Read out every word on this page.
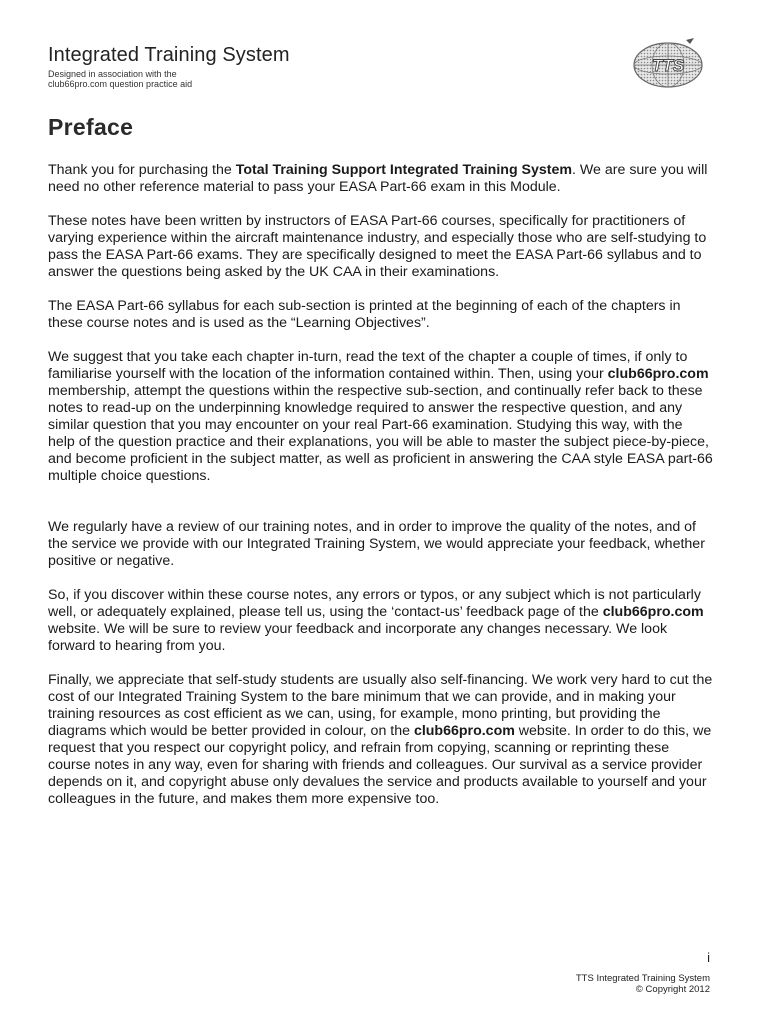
Integrated Training System
Designed in association with the
club66pro.com question practice aid
TTS
Preface

Thank you for purchasing the Total Training Support Integrated Training System. We are sure you will need no other reference material to pass your EASA Part-66 exam in this Module.

These notes have been written by instructors of EASA Part-66 courses, specifically for practitioners of varying experience within the aircraft maintenance industry, and especially those who are self-studying to pass the EASA Part-66 exams. They are specifically designed to meet the EASA Part-66 syllabus and to answer the questions being asked by the UK CAA in their examinations.

The EASA Part-66 syllabus for each sub-section is printed at the beginning of each of the chapters in these course notes and is used as the “Learning Objectives”.

We suggest that you take each chapter in-turn, read the text of the chapter a couple of times, if only to familiarise yourself with the location of the information contained within. Then, using your club66pro.com membership, attempt the questions within the respective sub-section, and continually refer back to these notes to read-up on the underpinning knowledge required to answer the respective question, and any similar question that you may encounter on your real Part-66 examination. Studying this way, with the help of the question practice and their explanations, you will be able to master the subject piece-by-piece, and become proficient in the subject matter, as well as proficient in answering the CAA style EASA part-66 multiple choice questions.

We regularly have a review of our training notes, and in order to improve the quality of the notes, and of the service we provide with our Integrated Training System, we would appreciate your feedback, whether positive or negative.

So, if you discover within these course notes, any errors or typos, or any subject which is not particularly well, or adequately explained, please tell us, using the ‘contact-us’ feedback page of the club66pro.com website. We will be sure to review your feedback and incorporate any changes necessary. We look forward to hearing from you.

Finally, we appreciate that self-study students are usually also self-financing. We work very hard to cut the cost of our Integrated Training System to the bare minimum that we can provide, and in making your training resources as cost efficient as we can, using, for example, mono printing, but providing the diagrams which would be better provided in colour, on the club66pro.com website. In order to do this, we request that you respect our copyright policy, and refrain from copying, scanning or reprinting these course notes in any way, even for sharing with friends and colleagues. Our survival as a service provider depends on it, and copyright abuse only devalues the service and products available to yourself and your colleagues in the future, and makes them more expensive too.

i
TTS Integrated Training System
© Copyright 2012
